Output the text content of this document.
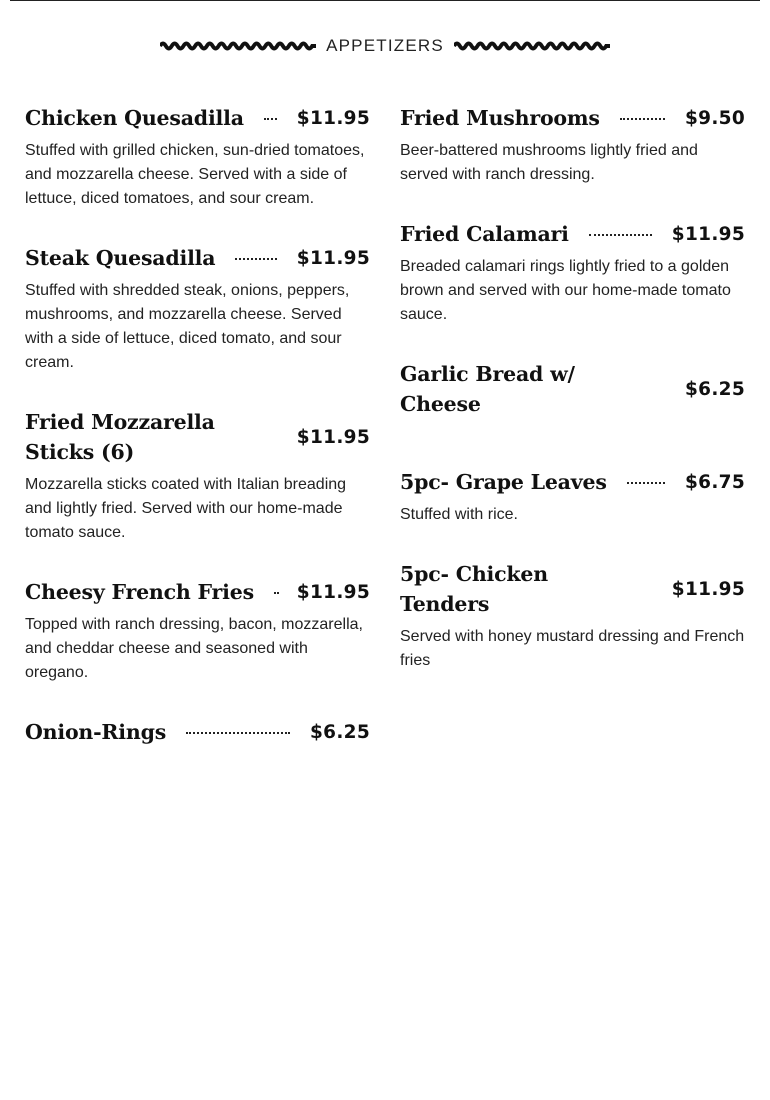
APPETIZERS
Chicken Quesadilla	$11.95
Stuffed with grilled chicken, sun-dried tomatoes, and mozzarella cheese. Served with a side of lettuce, diced tomatoes, and sour cream.
Steak Quesadilla	$11.95
Stuffed with shredded steak, onions, peppers, mushrooms, and mozzarella cheese. Served with a side of lettuce, diced tomato, and sour cream.
Fried Mozzarella Sticks (6)
$11.95
Mozzarella sticks coated with Italian breading and lightly fried. Served with our home-made tomato sauce.
Cheesy French Fries $11.95
Topped with ranch dressing, bacon, mozzarella, and cheddar cheese and seasoned with oregano.
Onion-Rings	$6.25
Fried Mushrooms	$9.50
Beer-battered mushrooms lightly fried and served with ranch dressing.
Fried Calamari	$11.95
Breaded calamari rings lightly fried to a golden brown and served with our home-made tomato sauce.
Garlic Bread w/ Cheese
$6.25
5pc- Grape Leaves	$6.75
Stuffed with rice.
5pc- Chicken Tenders
$11.95
Served with honey mustard dressing and French fries
